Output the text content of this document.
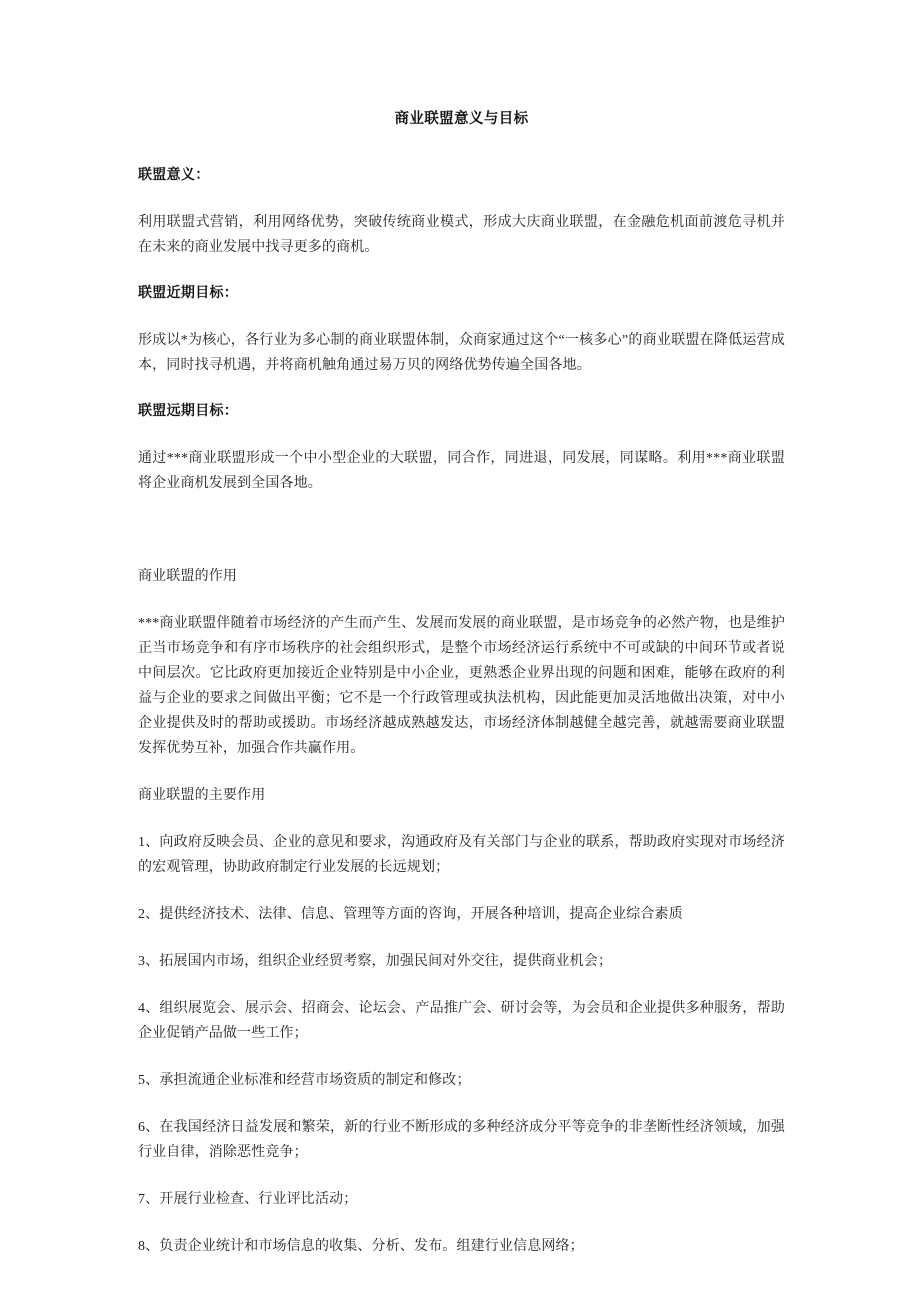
商业联盟意义与目标

联盟意义：

利用联盟式营销，利用网络优势，突破传统商业模式，形成大庆商业联盟，在金融危机面前渡危寻机并在未来的商业发展中找寻更多的商机。

联盟近期目标：

形成以*为核心，各行业为多心制的商业联盟体制，众商家通过这个“一核多心”的商业联盟在降低运营成本，同时找寻机遇，并将商机触角通过易万贝的网络优势传遍全国各地。

联盟远期目标：

通过***商业联盟形成一个中小型企业的大联盟，同合作，同进退，同发展，同谋略。利用***商业联盟将企业商机发展到全国各地。

商业联盟的作用

***商业联盟伴随着市场经济的产生而产生、发展而发展的商业联盟，是市场竞争的必然产物，也是维护正当市场竞争和有序市场秩序的社会组织形式，是整个市场经济运行系统中不可或缺的中间环节或者说中间层次。它比政府更加接近企业特别是中小企业，更熟悉企业界出现的问题和困难，能够在政府的利益与企业的要求之间做出平衡；它不是一个行政管理或执法机构，因此能更加灵活地做出决策，对中小企业提供及时的帮助或援助。市场经济越成熟越发达，市场经济体制越健全越完善，就越需要商业联盟发挥优势互补，加强合作共赢作用。

商业联盟的主要作用

1、向政府反映会员、企业的意见和要求，沟通政府及有关部门与企业的联系，帮助政府实现对市场经济的宏观管理，协助政府制定行业发展的长远规划；

2、提供经济技术、法律、信息、管理等方面的咨询，开展各种培训，提高企业综合素质

3、拓展国内市场，组织企业经贸考察，加强民间对外交往，提供商业机会；

4、组织展览会、展示会、招商会、论坛会、产品推广会、研讨会等，为会员和企业提供多种服务，帮助企业促销产品做一些工作；

5、承担流通企业标准和经营市场资质的制定和修改；

6、在我国经济日益发展和繁荣，新的行业不断形成的多种经济成分平等竞争的非垄断性经济领域，加强行业自律，消除恶性竞争；

7、开展行业检查、行业评比活动；

8、负责企业统计和市场信息的收集、分析、发布。组建行业信息网络；
